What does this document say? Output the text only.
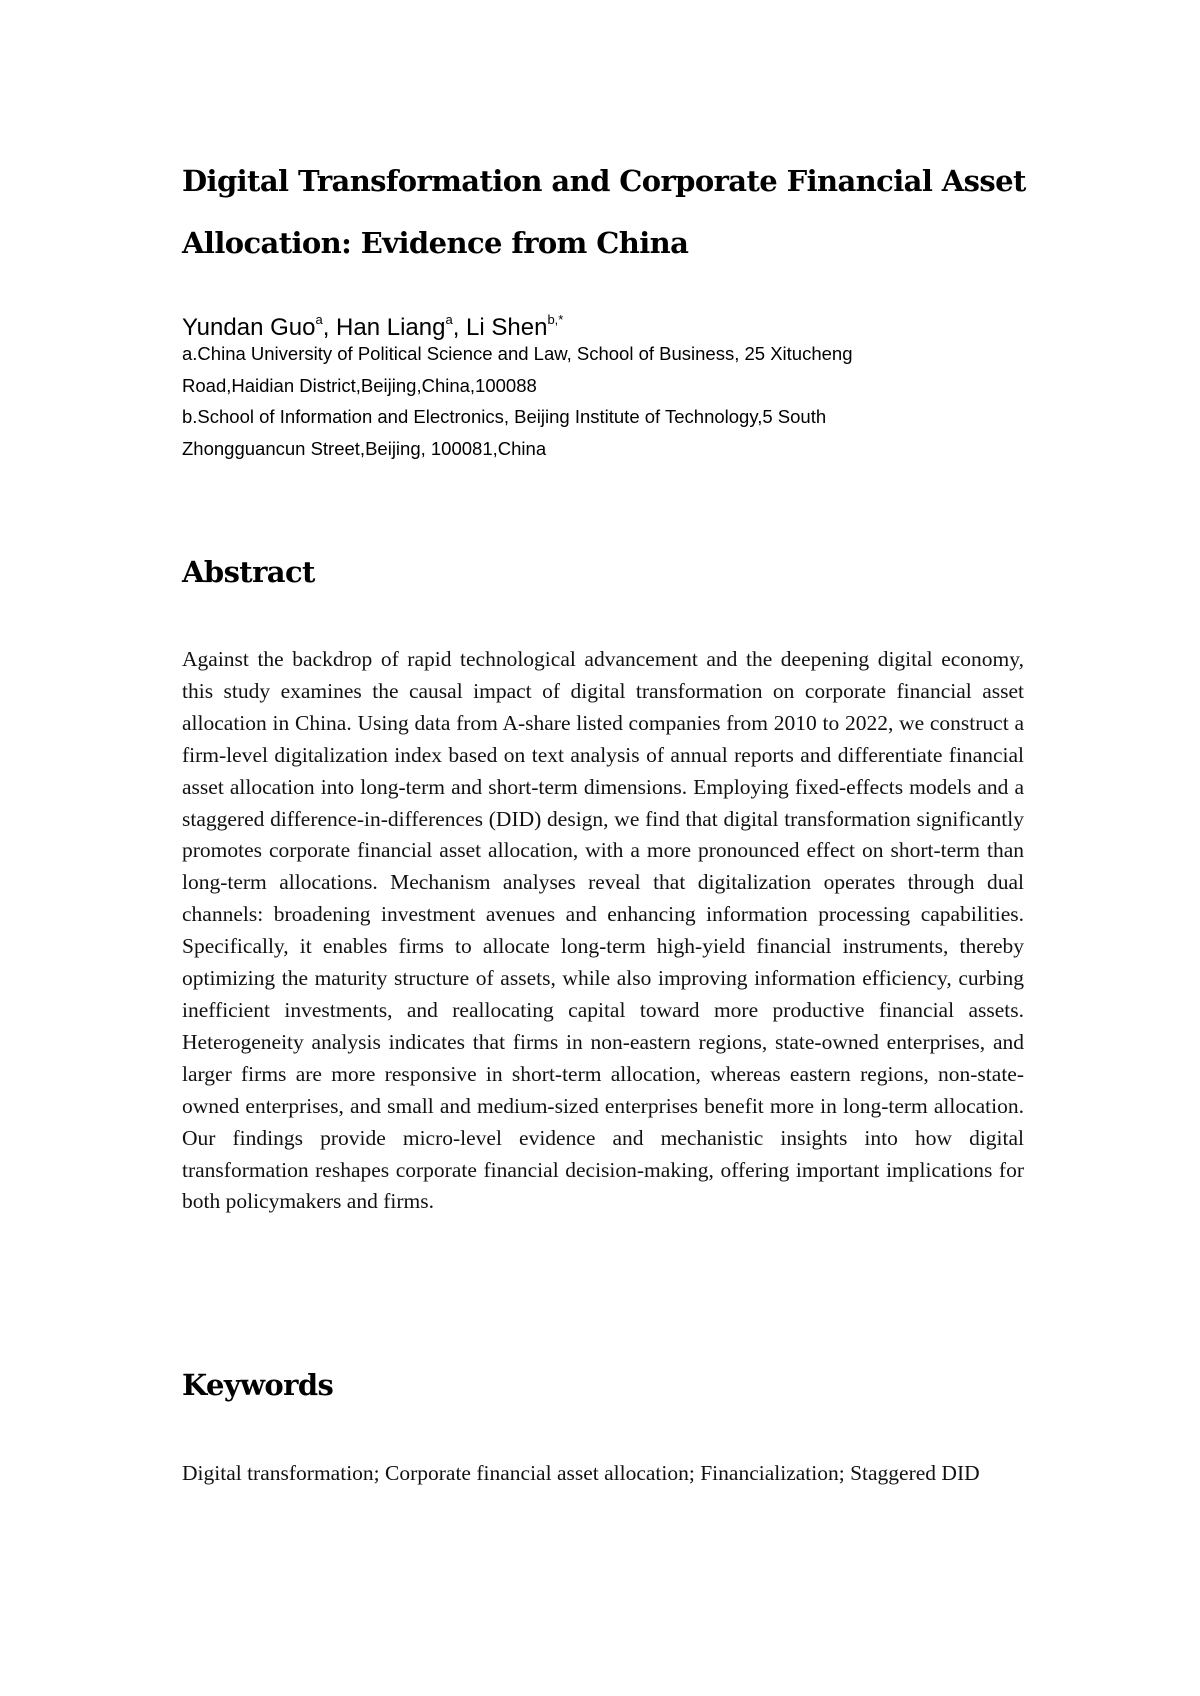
Digital Transformation and Corporate Financial Asset
Allocation: Evidence from China

Yundan Guo$^a$, Han Liang$^a$, Li Shen$^{b,*}$

a.China University of Political Science and Law, School of Business, 25 Xitucheng
Road,Haidian District,Beijing,China,100088

b.School of Information and Electronics, Beijing Institute of Technology,5 South
Zhongguancun Street,Beijing, 100081,China

Abstract

Against the backdrop of rapid technological advancement and the deepening digital economy, this study examines the causal impact of digital transformation on corporate financial asset allocation in China. Using data from A-share listed companies from 2010 to 2022, we construct a firm-level digitalization index based on text analysis of annual reports and differentiate financial asset allocation into long-term and short-term dimensions. Employing fixed-effects models and a staggered difference-in-differences (DID) design, we find that digital transformation significantly promotes corporate financial asset allocation, with a more pronounced effect on short-term than long-term allocations. Mechanism analyses reveal that digitalization operates through dual channels: broadening investment avenues and enhancing information processing capabilities. Specifically, it enables firms to allocate long-term high-yield financial instruments, thereby optimizing the maturity structure of assets, while also improving information efficiency, curbing inefficient investments, and reallocating capital toward more productive financial assets. Heterogeneity analysis indicates that firms in non-eastern regions, state-owned enterprises, and larger firms are more responsive in short-term allocation, whereas eastern regions, non-state-owned enterprises, and small and medium-sized enterprises benefit more in long-term allocation. Our findings provide micro-level evidence and mechanistic insights into how digital transformation reshapes corporate financial decision-making, offering important implications for both policymakers and firms.

Keywords

Digital transformation; Corporate financial asset allocation; Financialization; Staggered DID
